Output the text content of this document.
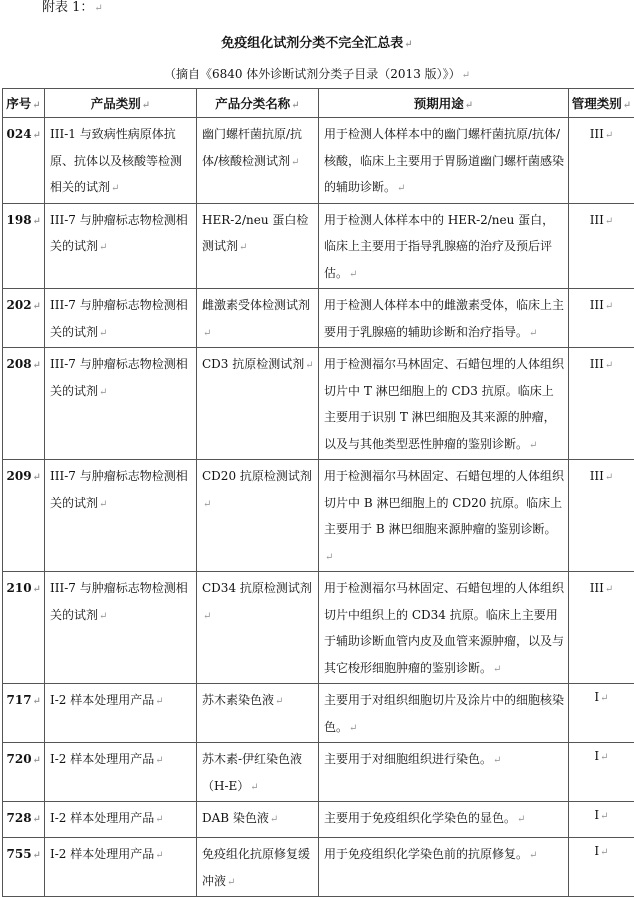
附表 1：↵
免疫组化试剂分类不完全汇总表↵
（摘自《6840 体外诊断试剂分类子目录（2013 版）》）↵
序号↵	产品类别↵	产品分类名称↵	预期用途↵	管理类别↵

024↵	III-1 与致病性病原体抗原、抗体以及核酸等检测相关的试剂↵	幽门螺杆菌抗原/抗体/核酸检测试剂↵	用于检测人体样本中的幽门螺杆菌抗原/抗体/核酸，临床上主要用于胃肠道幽门螺杆菌感染的辅助诊断。↵	III↵

198↵	III-7 与肿瘤标志物检测相关的试剂↵	HER-2/neu 蛋白检测试剂↵	用于检测人体样本中的 HER-2/neu 蛋白，临床上主要用于指导乳腺癌的治疗及预后评估。↵	III↵

202↵	III-7 与肿瘤标志物检测相关的试剂↵	雌激素受体检测试剂↵	用于检测人体样本中的雌激素受体，临床上主要用于乳腺癌的辅助诊断和治疗指导。↵	III↵

208↵	III-7 与肿瘤标志物检测相关的试剂↵	CD3 抗原检测试剂↵	用于检测福尔马林固定、石蜡包埋的人体组织切片中 T 淋巴细胞上的 CD3 抗原。临床上主要用于识别 T 淋巴细胞及其来源的肿瘤，以及与其他类型恶性肿瘤的鉴别诊断。↵	III↵

209↵	III-7 与肿瘤标志物检测相关的试剂↵	CD20 抗原检测试剂↵	用于检测福尔马林固定、石蜡包埋的人体组织切片中 B 淋巴细胞上的 CD20 抗原。临床上主要用于 B 淋巴细胞来源肿瘤的鉴别诊断。↵	III↵

210↵	III-7 与肿瘤标志物检测相关的试剂↵	CD34 抗原检测试剂↵	用于检测福尔马林固定、石蜡包埋的人体组织切片中组织上的 CD34 抗原。临床上主要用于辅助诊断血管内皮及血管来源肿瘤，以及与其它梭形细胞肿瘤的鉴别诊断。↵	III↵

717↵	I-2 样本处理用产品↵	苏木素染色液↵	主要用于对组织细胞切片及涂片中的细胞核染色。↵	I↵

720↵	I-2 样本处理用产品↵	苏木素-伊红染色液（H-E）↵	主要用于对细胞组织进行染色。↵	I↵

728↵	I-2 样本处理用产品↵	DAB 染色液↵	主要用于免疫组织化学染色的显色。↵	I↵

755↵	I-2 样本处理用产品↵	免疫组化抗原修复缓冲液↵	用于免疫组织化学染色前的抗原修复。↵	I↵
